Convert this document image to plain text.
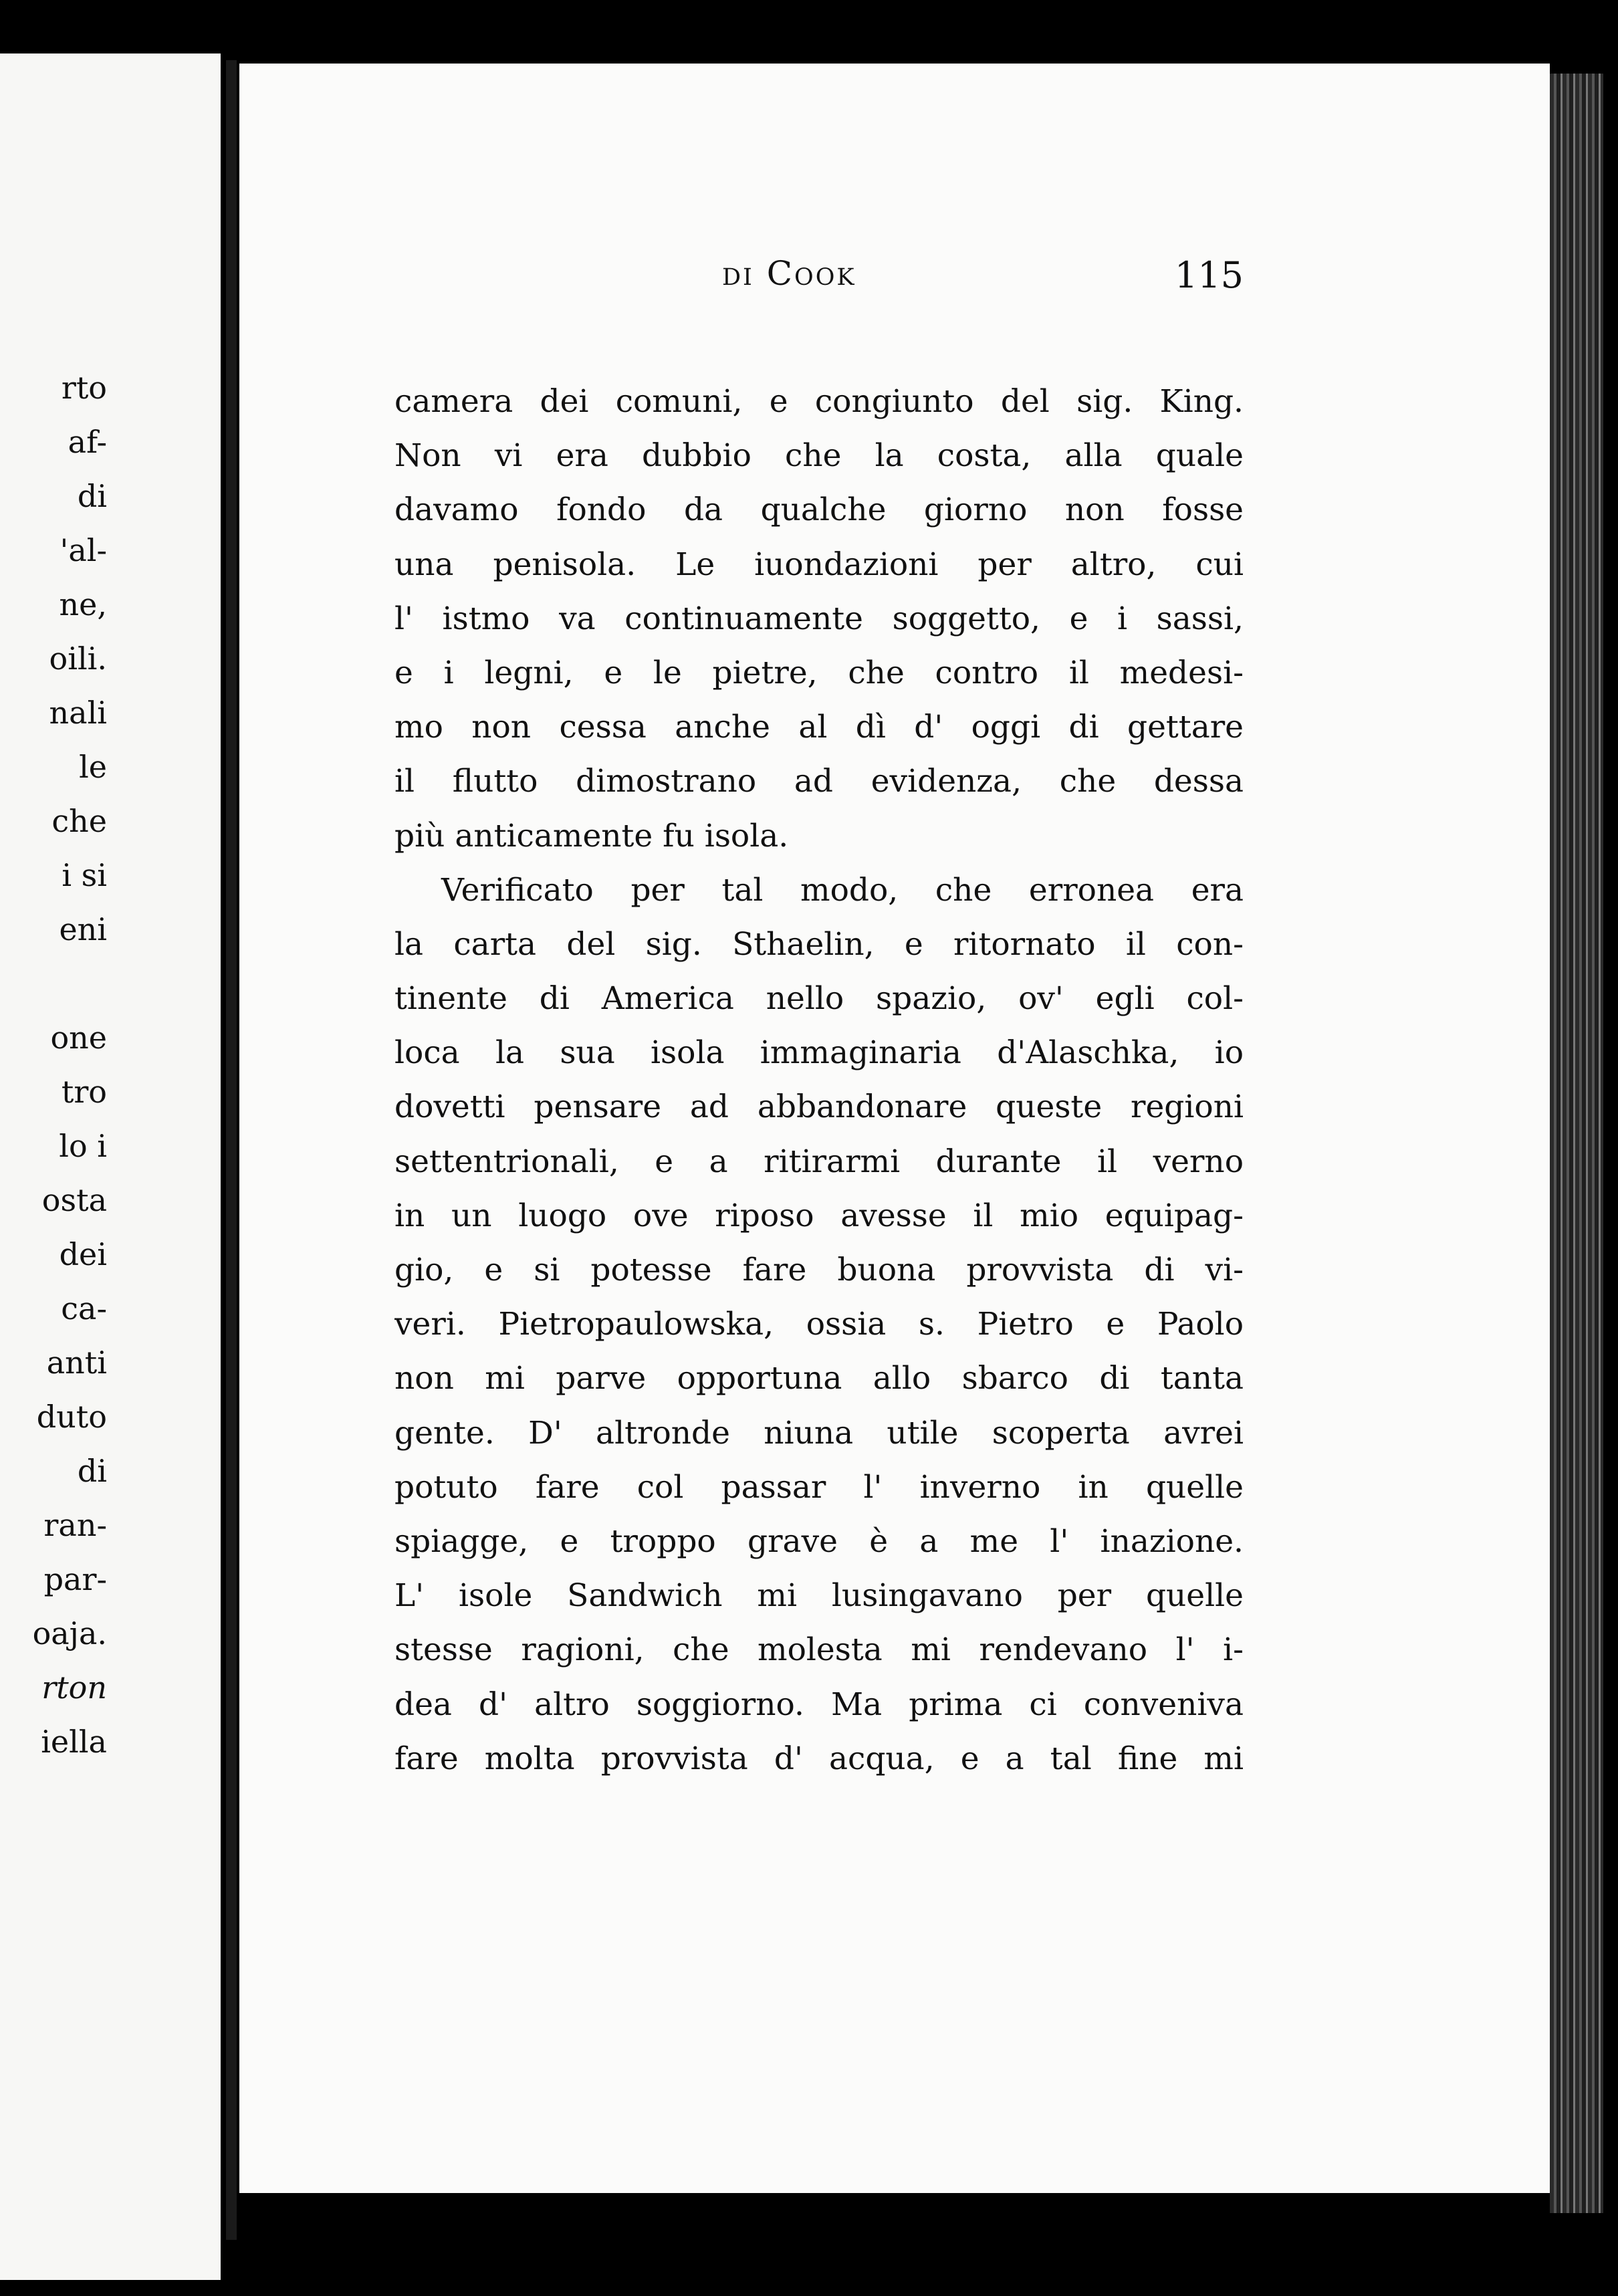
rto
af-
di
'al-
ne,
oili.
nali
le
che
i si
eni
one
tro
lo i
osta
dei
ca-
anti
duto
di
ran-
par-
oaja.
rton
iella
di Cook	115
camera dei comuni, e congiunto del sig. King.
Non vi era dubbio che la costa, alla quale
davamo fondo da qualche giorno non fosse
una penisola. Le iuondazioni per altro, cui
l' istmo va continuamente soggetto, e i sassi,
e i legni, e le pietre, che contro il medesi-
mo non cessa anche al dì d' oggi di gettare
il flutto dimostrano ad evidenza, che dessa
più anticamente fu isola.
Verificato per tal modo, che erronea era
la carta del sig. Sthaelin, e ritornato il con-
tinente di America nello spazio, ov' egli col-
loca la sua isola immaginaria d'Alaschka, io
dovetti pensare ad abbandonare queste regioni
settentrionali, e a ritirarmi durante il verno
in un luogo ove riposo avesse il mio equipag-
gio, e si potesse fare buona provvista di vi-
veri. Pietropaulowska, ossia s. Pietro e Paolo
non mi parve opportuna allo sbarco di tanta
gente. D' altronde niuna utile scoperta avrei
potuto fare col passar l' inverno in quelle
spiagge, e troppo grave è a me l' inazione.
L' isole Sandwich mi lusingavano per quelle
stesse ragioni, che molesta mi rendevano l' i-
dea d' altro soggiorno. Ma prima ci conveniva
fare molta provvista d' acqua, e a tal fine mi
